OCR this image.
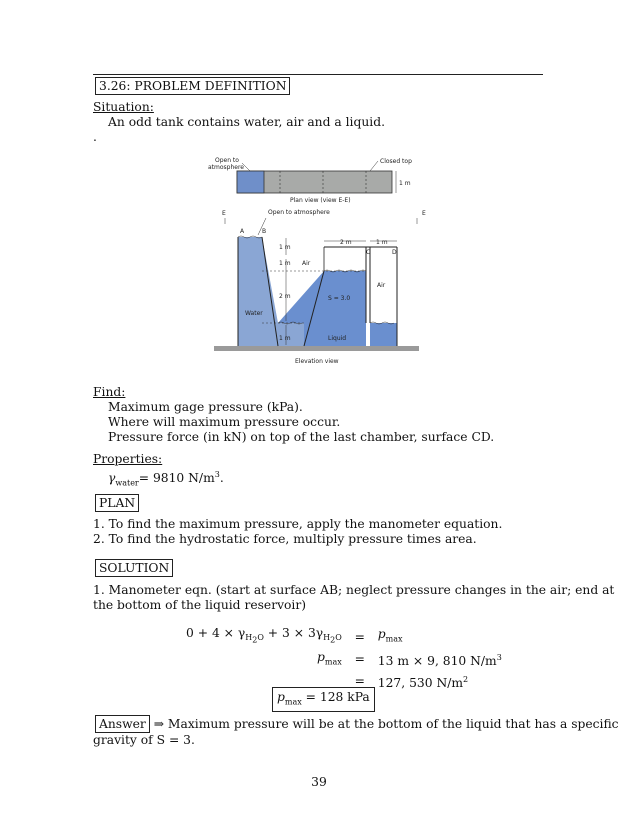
3.26: PROBLEM DEFINITION
Situation:
An odd tank contains water, air and a liquid.
.
Open to
atmosphere
Closed top
1 m
Plan view (view E-E)
E	E
Open to atmosphere
A	B
C	D
1 m
2 m	1 m
1 m Air
Air
2 m	S = 3.0
Water
1 m	Liquid
Elevation view
Find:
Maximum gage pressure (kPa).
Where will maximum pressure occur.
Pressure force (in kN) on top of the last chamber, surface CD.
Properties:
$\gamma_{water}= 9810$ $N/m^3$.
PLAN
1. To find the maximum pressure, apply the manometer equation.
2. To find the hydrostatic force, multiply pressure times area.
SOLUTION
1. Manometer eqn. (start at surface AB; neglect pressure changes in the air; end at
the bottom of the liquid reservoir)
$0 + 4 \times \gamma_{H_2O} + 3 \times 3\gamma_{H_2O}$	=	$p_{max}$
$p_{max}$	=	13 m × 9, 810 $N/m^3$
	=	127, 530 $N/m^2$
$p_{max} = 128$ kPa
Answer ⇒ Maximum pressure will be at the bottom of the liquid that has a specific
gravity of S = 3.
39
